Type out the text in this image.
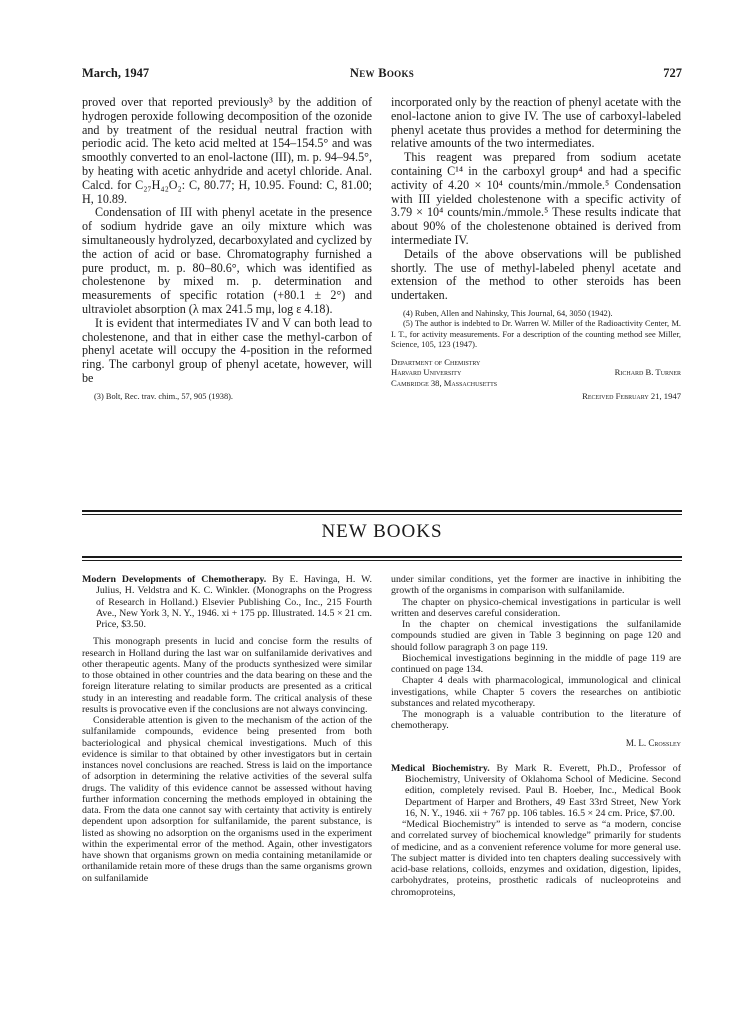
March, 1947	New Books	727

proved over that reported previously³ by the addition of hydrogen peroxide following decomposition of the ozonide and by treatment of the residual neutral fraction with periodic acid. The keto acid melted at 154–154.5° and was smoothly converted to an enol-lactone (III), m. p. 94–94.5°, by heating with acetic anhydride and acetyl chloride. Anal. Calcd. for C₂₇H₄₂O₂: C, 80.77; H, 10.95. Found: C, 81.00; H, 10.89.

Condensation of III with phenyl acetate in the presence of sodium hydride gave an oily mixture which was simultaneously hydrolyzed, decarboxylated and cyclized by the action of acid or base. Chromatography furnished a pure product, m. p. 80–80.6°, which was identified as cholestenone by mixed m. p. determination and measurements of specific rotation (+80.1 ± 2°) and ultraviolet absorption (λ max 241.5 mμ, log ε 4.18).

It is evident that intermediates IV and V can both lead to cholestenone, and that in either case the methyl-carbon of phenyl acetate will occupy the 4-position in the reformed ring. The carbonyl group of phenyl acetate, however, will be

(3) Bolt, Rec. trav. chim., 57, 905 (1938).

incorporated only by the reaction of phenyl acetate with the enol-lactone anion to give IV. The use of carboxyl-labeled phenyl acetate thus provides a method for determining the relative amounts of the two intermediates.

This reagent was prepared from sodium acetate containing C¹⁴ in the carboxyl group⁴ and had a specific activity of 4.20 × 10⁴ counts/min./mmole.⁵ Condensation with III yielded cholestenone with a specific activity of 3.79 × 10⁴ counts/min./mmole.⁵ These results indicate that about 90% of the cholestenone obtained is derived from intermediate IV.

Details of the above observations will be published shortly. The use of methyl-labeled phenyl acetate and extension of the method to other steroids has been undertaken.

(4) Ruben, Allen and Nahinsky, This Journal, 64, 3050 (1942).

(5) The author is indebted to Dr. Warren W. Miller of the Radioactivity Center, M. I. T., for activity measurements. For a description of the counting method see Miller, Science, 105, 123 (1947).

Department of Chemistry
Harvard University
Cambridge 38, Massachusetts
Richard B. Turner
Received February 21, 1947
NEW BOOKS

Modern Developments of Chemotherapy. By E. Havinga, H. W. Julius, H. Veldstra and K. C. Winkler. (Monographs on the Progress of Research in Holland.) Elsevier Publishing Co., Inc., 215 Fourth Ave., New York 3, N. Y., 1946. xi + 175 pp. Illustrated. 14.5 × 21 cm. Price, $3.50.

This monograph presents in lucid and concise form the results of research in Holland during the last war on sulfanilamide derivatives and other therapeutic agents. Many of the products synthesized were similar to those obtained in other countries and the data bearing on these and the foreign literature relating to similar products are presented as a critical study in an interesting and readable form. The critical analysis of these results is provocative even if the conclusions are not always convincing.

Considerable attention is given to the mechanism of the action of the sulfanilamide compounds, evidence being presented from both bacteriological and physical chemical investigations. Much of this evidence is similar to that obtained by other investigators but in certain instances novel conclusions are reached. Stress is laid on the importance of adsorption in determining the relative activities of the several sulfa drugs. The validity of this evidence cannot be assessed without having further information concerning the methods employed in obtaining the data. From the data one cannot say with certainty that activity is entirely dependent upon adsorption for sulfanilamide, the parent substance, is listed as showing no adsorption on the organisms used in the experiment within the experimental error of the method. Again, other investigators have shown that organisms grown on media containing metanilamide or orthanilamide retain more of these drugs than the same organisms grown on sulfanilamide

under similar conditions, yet the former are inactive in inhibiting the growth of the organisms in comparison with sulfanilamide.

The chapter on physico-chemical investigations in particular is well written and deserves careful consideration.

In the chapter on chemical investigations the sulfanilamide compounds studied are given in Table 3 beginning on page 120 and should follow paragraph 3 on page 119.

Biochemical investigations beginning in the middle of page 119 are continued on page 134.

Chapter 4 deals with pharmacological, immunological and clinical investigations, while Chapter 5 covers the researches on antibiotic substances and related mycotherapy.

The monograph is a valuable contribution to the literature of chemotherapy.

M. L. Crossley

Medical Biochemistry. By Mark R. Everett, Ph.D., Professor of Biochemistry, University of Oklahoma School of Medicine. Second edition, completely revised. Paul B. Hoeber, Inc., Medical Book Department of Harper and Brothers, 49 East 33rd Street, New York 16, N. Y., 1946. xii + 767 pp. 106 tables. 16.5 × 24 cm. Price, $7.00.

“Medical Biochemistry” is intended to serve as “a modern, concise and correlated survey of biochemical knowledge” primarily for students of medicine, and as a convenient reference volume for more general use. The subject matter is divided into ten chapters dealing successively with acid-base relations, colloids, enzymes and oxidation, digestion, lipides, carbohydrates, proteins, prosthetic radicals of nucleoproteins and chromoproteins,
